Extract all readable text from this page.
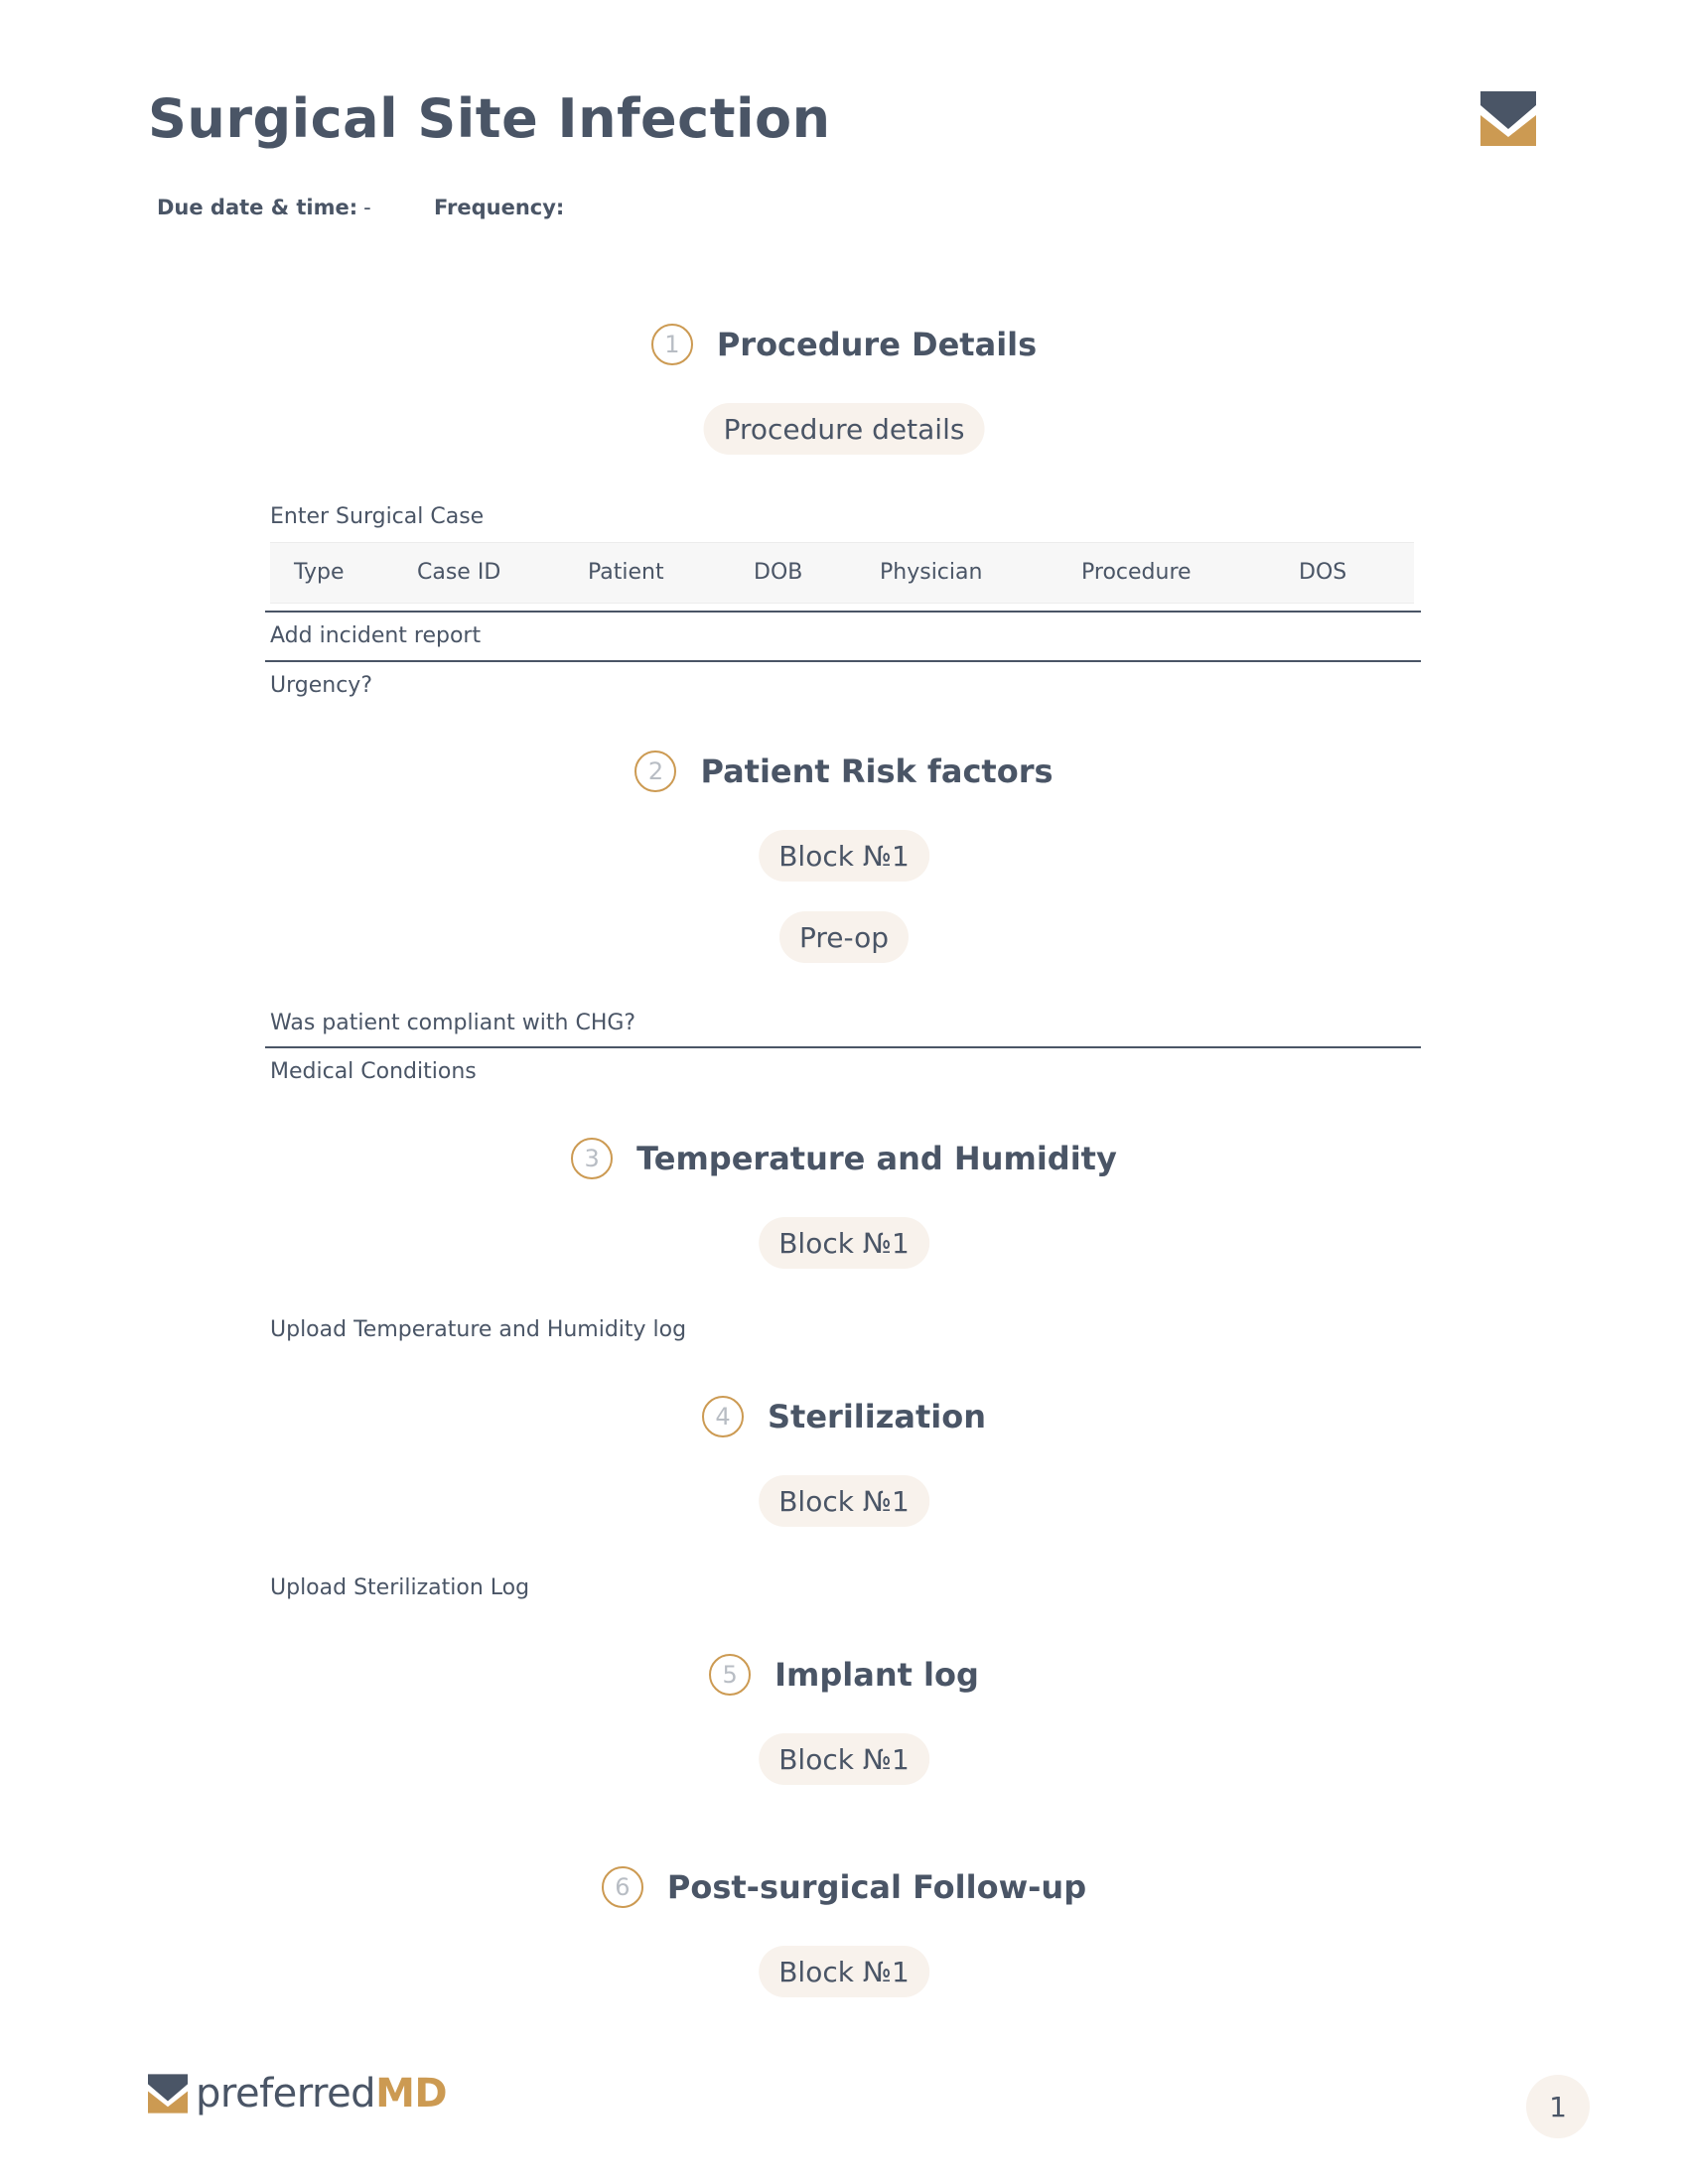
Surgical Site Infection
Due date & time: -	Frequency:
1	Procedure Details
Procedure details
Enter Surgical Case
Type	Case ID	Patient	DOB	Physician	Procedure	DOS
Add incident report
Urgency?
2	Patient Risk factors
Block №1
Pre-op
Was patient compliant with CHG?
Medical Conditions
3	Temperature and Humidity
Block №1
Upload Temperature and Humidity log
4	Sterilization
Block №1
Upload Sterilization Log
5	Implant log
Block №1
6	Post-surgical Follow-up
Block №1
preferredMD	1
